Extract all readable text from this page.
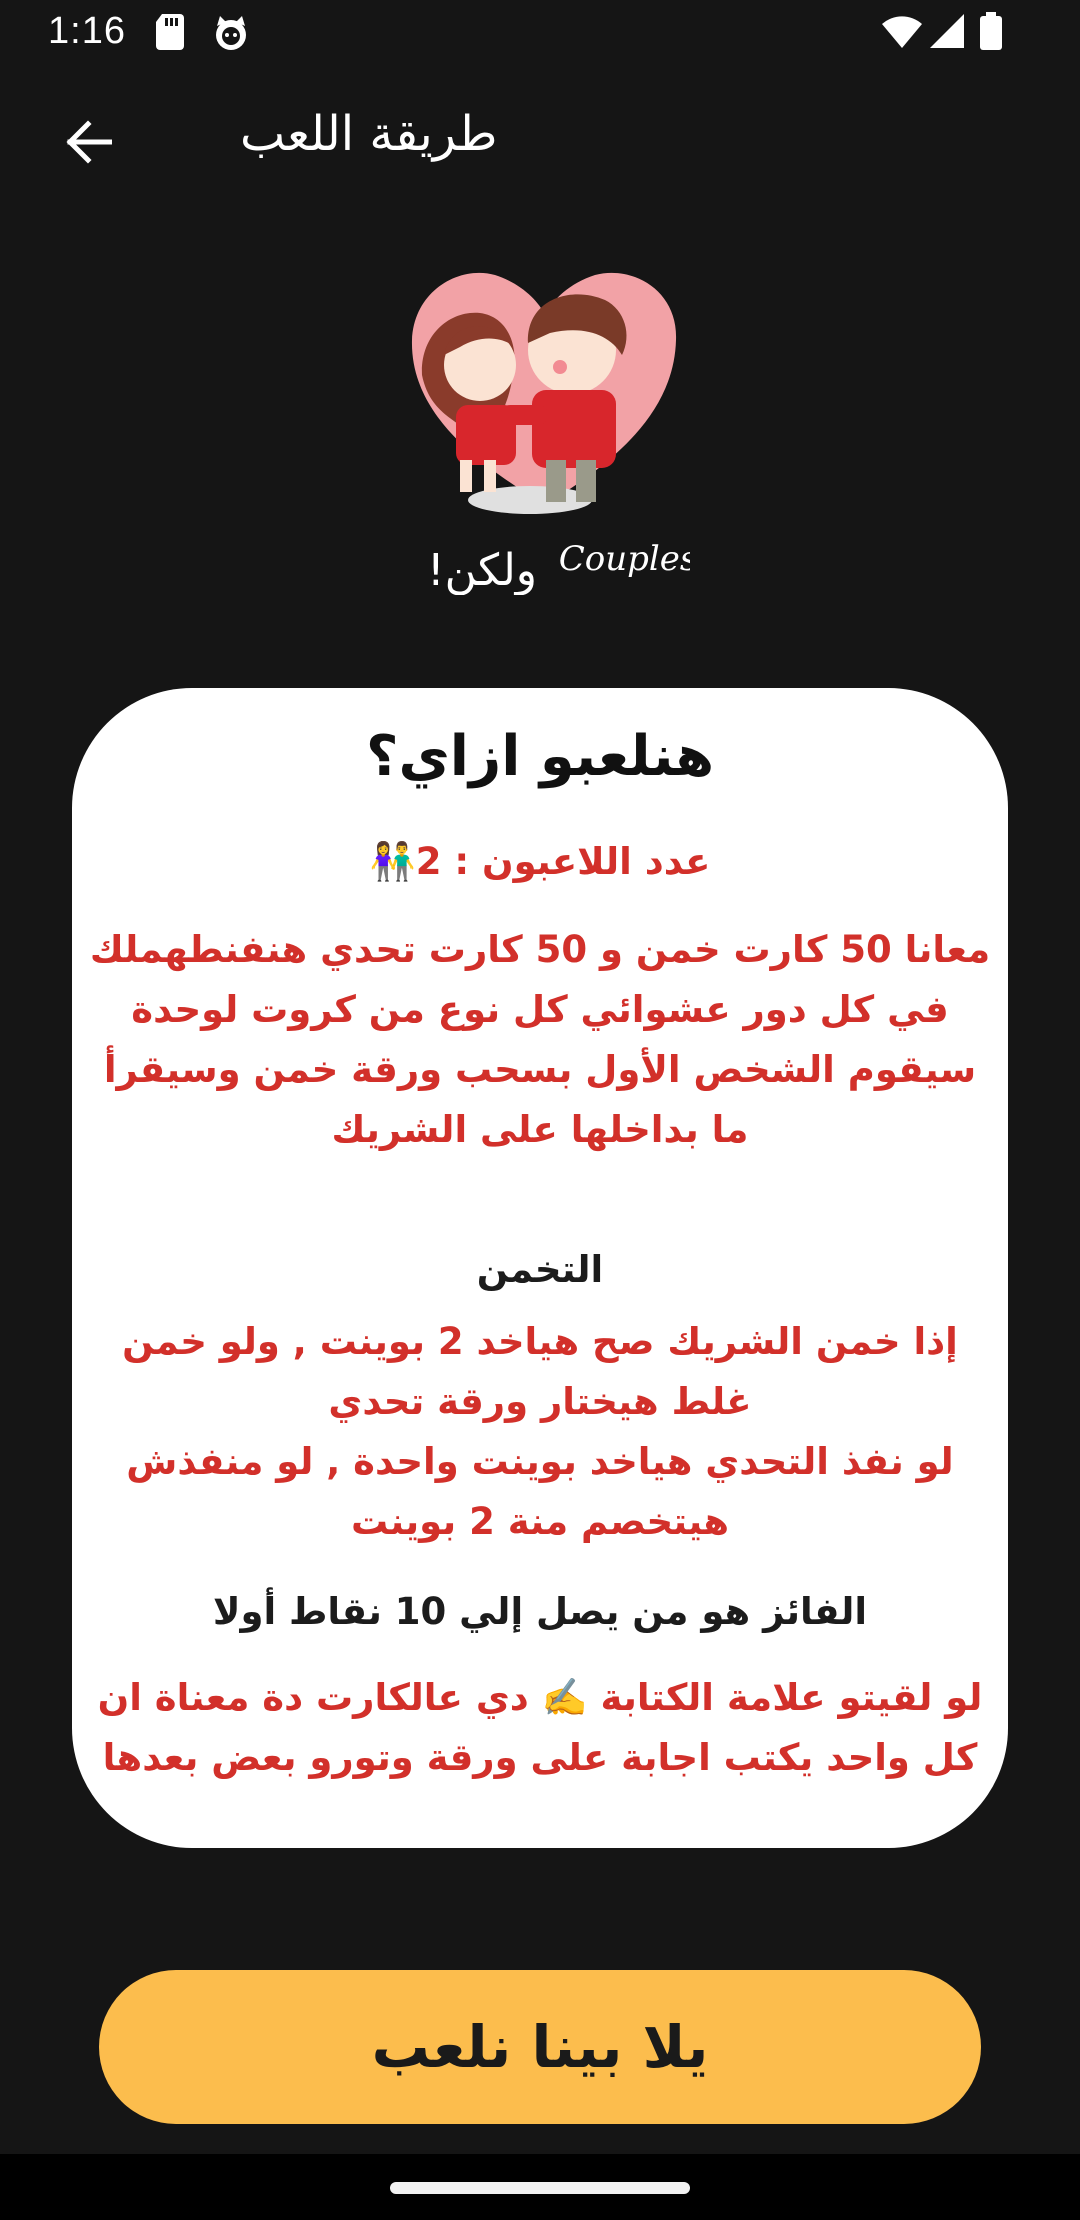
1:16
طريقة اللعب
Couples
ولكن!
هنلعبو ازاي؟

عدد اللاعبون : 2👫

معانا 50 كارت خمن و 50 كارت تحدي هنفنطهملك في كل دور عشوائي كل نوع من كروت لوحدة

سيقوم الشخص الأول بسحب ورقة خمن وسيقرأ ما بداخلها على الشريك

التخمن

إذا خمن الشريك صح هياخد 2 بوينت , ولو خمن غلط هيختار ورقة تحدي

لو نفذ التحدي هياخد بوينت واحدة , لو منفذش هيتخصم منة 2 بوينت

الفائز هو من يصل إلي 10 نقاط أولا

لو لقيتو علامة الكتابة ✍️ دي عالكارت دة معناة ان كل واحد يكتب اجابة على ورقة وتورو بعض بعدها

يلا بينا نلعب
